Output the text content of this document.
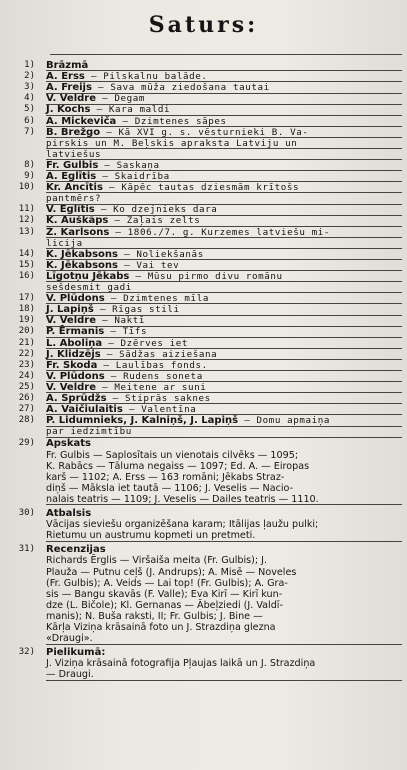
Saturs:
1) Brāzmā
2) A. Erss — Pilskalnu balāde.
3) A. Freijs — Sava mūža ziedošana tautai
4) V. Veldre — Degam
5) J. Kochs — Kara maldi
6) A. Mickeviča — Dzimtenes sāpes
7) B. Brežgo — Kā XVI g. s. vēsturnieki B. Va-
pirskis un M. Beļskis apraksta Latviju un
latviešus
8) Fr. Gulbis — Saskaņa
9) A. Eglītis — Skaidrība
10) Kr. Ancītis — Kāpēc tautas dziesmām krītošs
pantmērs?
11) V. Eglītis — Ko dzejnieks dara
12) K. Auškāps — Zaļais zelts
13) Ž. Karlsons — 1806./7. g. Kurzemes latviešu mi-
licija
14) K. Jēkabsons — Noliekšanās
15) K. Jēkabsons — Vai tev
16) Līgotņu Jēkabs — Mūsu pirmo divu romānu
sešdesmit gadi
17) V. Plūdons — Dzimtenes mīla
18) J. Lapiņš — Rīgas stili
19) V. Veldre — Naktī
20) P. Ērmanis — Tīfs
21) L. Āboliņa — Dzērves iet
22) J. Klidzējs — Sādžas aiziešana
23) Fr. Skoda — Laulības fonds.
24) V. Plūdons — Rudens soneta
25) V. Veldre — Meitene ar suni
26) A. Sprūdžs — Stiprās saknes
27) A. Vaičiulaitis — Valentīna
28) P. Lidumnieks, J. Kalniņš, J. Lapiņš — Domu apmaiņa
par iedzimtību
29) Apskats
Fr. Gulbis — Saplosītais un vienotais cilvēks — 1095;
K. Rabācs — Tāluma negaiss — 1097; Ed. A. — Eiropas
karš — 1102; A. Erss — 163 romāni; Jēkabs Straz-
diņš — Māksla iet tautā — 1106; J. Veselis — Nacio-
nalais teatris — 1109; J. Veselis — Dailes teatris — 1110.
30) Atbalsis
Vācijas sieviešu organizēšana karam; Itālijas ļaužu pulki;
Rietumu un austrumu kopmeti un pretmeti.
31) Recenzijas
Richards Ērglis — Viršaiša meita (Fr. Gulbis); J.
Plauža — Putnu ceļš (J. Andrups); A. Misē — Noveles
(Fr. Gulbis); A. Veids — Lai top! (Fr. Gulbis); A. Gra-
sis — Bangu skavās (F. Valle); Eva Kirī — Kirī kun-
dze (L. Bičole); Kl. Gernanas — Ābeļziedi (J. Valdī-
manis); N. Buša raksti, II; Fr. Gulbis; J. Bine —
Kārļa Viziņa krāsainā foto un J. Strazdiņa glezna
«Draugi».
32) Pielikumā:
J. Viziņa krāsainā fotografija Pļaujas laikā un J. Strazdiņa
— Draugi.
